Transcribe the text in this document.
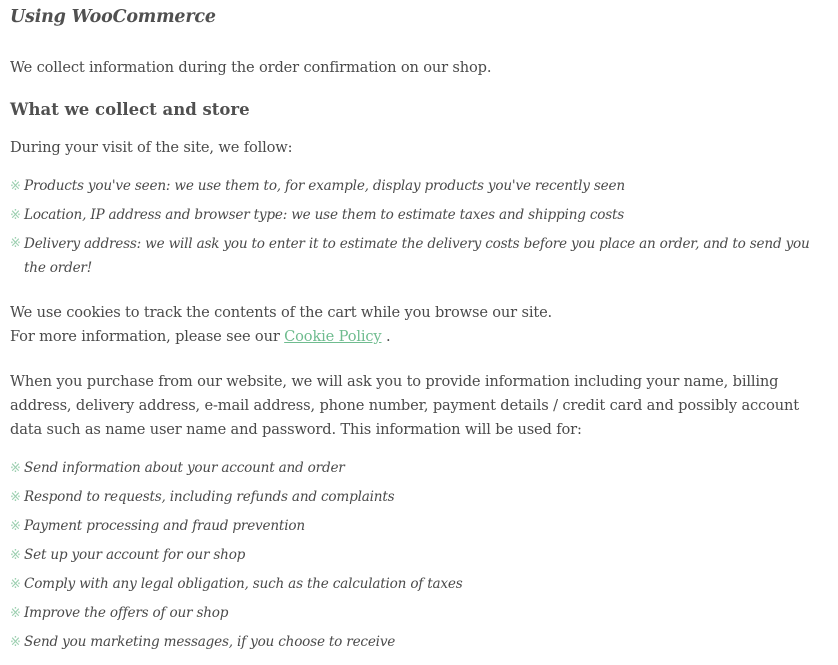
Using WooCommerce

We collect information during the order confirmation on our shop.

What we collect and store

During your visit of the site, we follow:

※ Products you've seen: we use them to, for example, display products you've recently seen
※ Location, IP address and browser type: we use them to estimate taxes and shipping costs
※ Delivery address: we will ask you to enter it to estimate the delivery costs before you place an order, and to send you the order!

We use cookies to track the contents of the cart while you browse our site.
For more information, please see our Cookie Policy .

When you purchase from our website, we will ask you to provide information including your name, billing address, delivery address, e-mail address, phone number, payment details / credit card and possibly account data such as name user name and password. This information will be used for:

※ Send information about your account and order
※ Respond to requests, including refunds and complaints
※ Payment processing and fraud prevention
※ Set up your account for our shop
※ Comply with any legal obligation, such as the calculation of taxes
※ Improve the offers of our shop
※ Send you marketing messages, if you choose to receive
